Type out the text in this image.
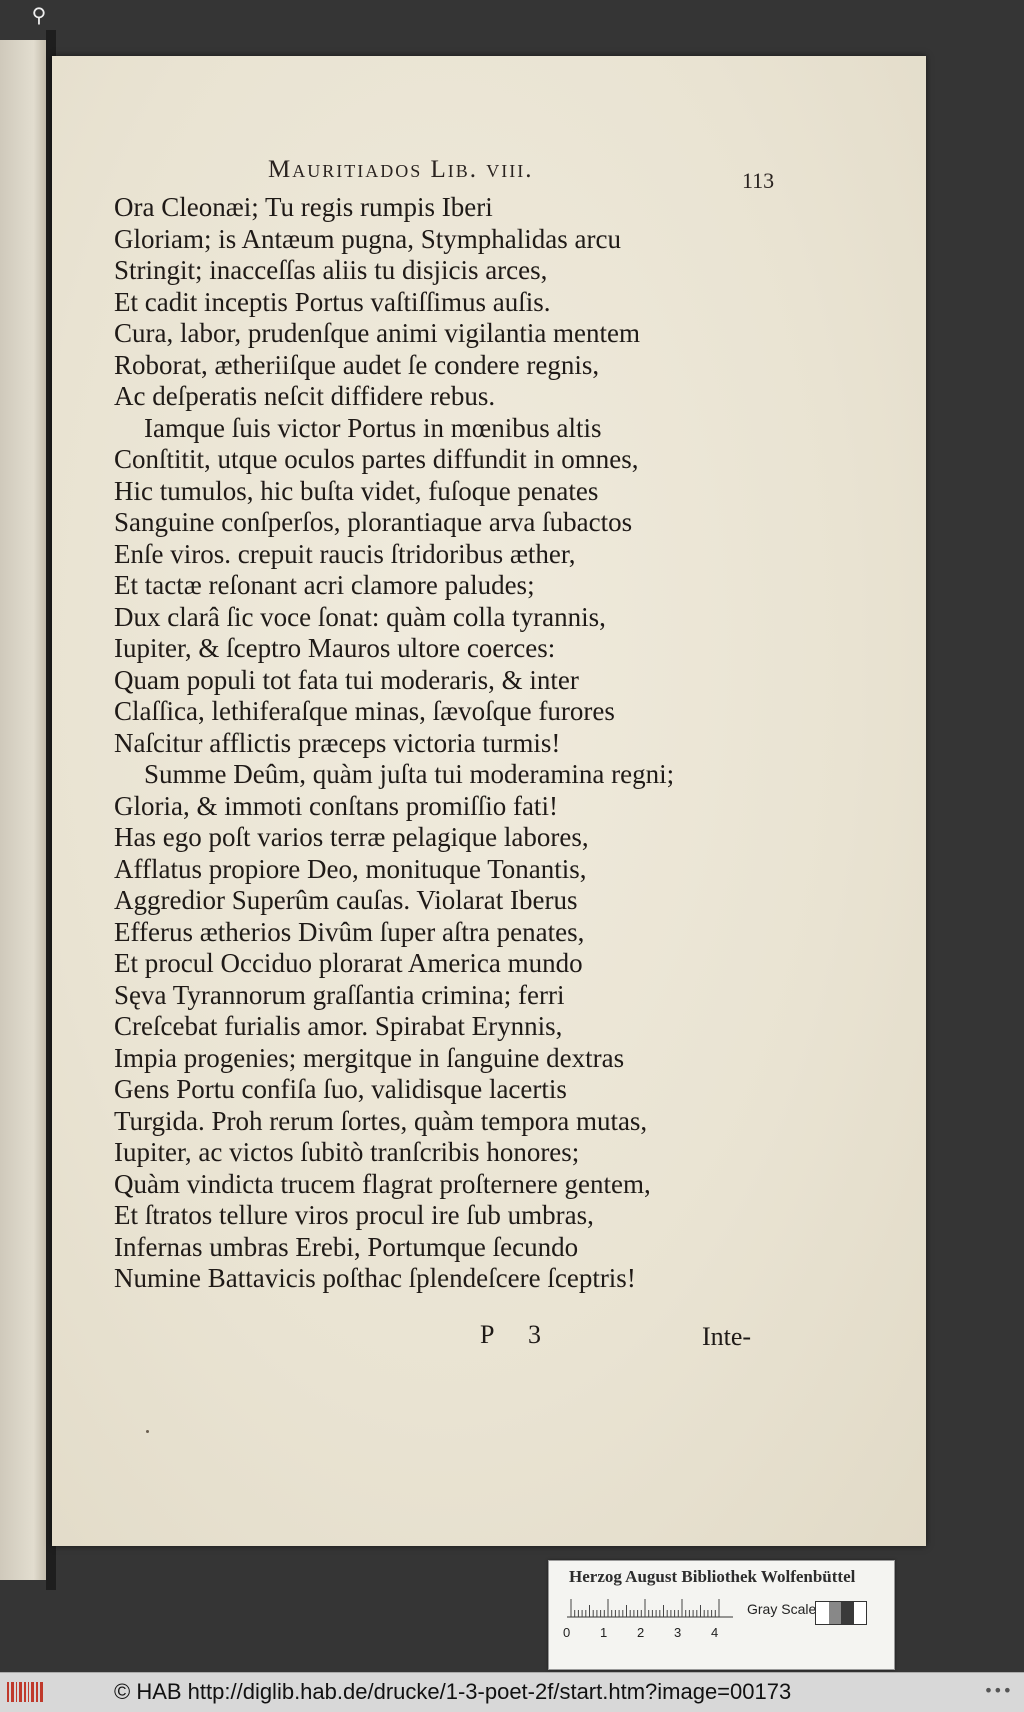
⚲
Mauritiados Lib. viii.	113
Ora Cleonæi; Tu regis rumpis Iberi
Gloriam; is Antæum pugna, Stymphalidas arcu
Stringit; inacceſſas aliis tu disjicis arces,
Et cadit inceptis Portus vaſtiſſimus auſis.
Cura, labor, prudenſque animi vigilantia mentem
Roborat, ætheriiſque audet ſe condere regnis,
Ac deſperatis neſcit diffidere rebus.
Iamque ſuis victor Portus in mœnibus altis
Conſtitit, utque oculos partes diffundit in omnes,
Hic tumulos, hic buſta videt, fuſoque penates
Sanguine conſperſos, plorantiaque arva ſubactos
Enſe viros. crepuit raucis ſtridoribus æther,
Et tactæ reſonant acri clamore paludes;
Dux clarâ ſic voce ſonat: quàm colla tyrannis,
Iupiter, & ſceptro Mauros ultore coerces:
Quam populi tot fata tui moderaris, & inter
Claſſica, lethiferaſque minas, ſævoſque furores
Naſcitur afflictis præceps victoria turmis!
Summe Deûm, quàm juſta tui moderamina regni;
Gloria, & immoti conſtans promiſſio fati!
Has ego poſt varios terræ pelagique labores,
Afflatus propiore Deo, monituque Tonantis,
Aggredior Superûm cauſas. Violarat Iberus
Efferus ætherios Divûm ſuper aſtra penates,
Et procul Occiduo plorarat America mundo
Sęva Tyrannorum graſſantia crimina; ferri
Creſcebat furialis amor. Spirabat Erynnis,
Impia progenies; mergitque in ſanguine dextras
Gens Portu confiſa ſuo, validisque lacertis
Turgida. Proh rerum ſortes, quàm tempora mutas,
Iupiter, ac victos ſubitò tranſcribis honores;
Quàm vindicta trucem flagrat proſternere gentem,
Et ſtratos tellure viros procul ire ſub umbras,
Infernas umbras Erebi, Portumque ſecundo
Numine Battavicis poſthac ſplendeſcere ſceptris!
P 3	Inte-
Herzog August Bibliothek Wolfenbüttel
0 1 2 3 4
Gray Scale
© HAB http://diglib.hab.de/drucke/1-3-poet-2f/start.htm?image=00173	•••
